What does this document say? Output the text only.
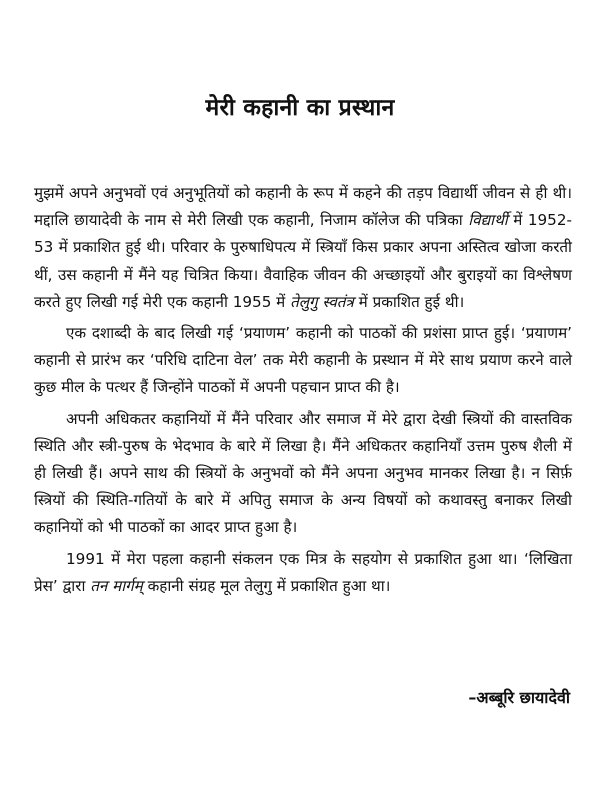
मेरी कहानी का प्रस्थान

मुझमें अपने अनुभवों एवं अनुभूतियों को कहानी के रूप में कहने की तड़प विद्यार्थी जीवन से ही थी। मद्दालि छायादेवी के नाम से मेरी लिखी एक कहानी, निजाम कॉलेज की पत्रिका विद्यार्थी में 1952-53 में प्रकाशित हुई थी। परिवार के पुरुषाधिपत्य में स्त्रियाँ किस प्रकार अपना अस्तित्व खोजा करती थीं, उस कहानी में मैंने यह चित्रित किया। वैवाहिक जीवन की अच्छाइयों और बुराइयों का विश्लेषण करते हुए लिखी गई मेरी एक कहानी 1955 में तेलुगु स्वतंत्र में प्रकाशित हुई थी।

एक दशाब्दी के बाद लिखी गई ‘प्रयाणम’ कहानी को पाठकों की प्रशंसा प्राप्त हुई। ‘प्रयाणम’ कहानी से प्रारंभ कर ‘परिधि दाटिना वेल’ तक मेरी कहानी के प्रस्थान में मेरे साथ प्रयाण करने वाले कुछ मील के पत्थर हैं जिन्होंने पाठकों में अपनी पहचान प्राप्त की है।

अपनी अधिकतर कहानियों में मैंने परिवार और समाज में मेरे द्वारा देखी स्त्रियों की वास्तविक स्थिति और स्त्री-पुरुष के भेदभाव के बारे में लिखा है। मैंने अधिकतर कहानियाँ उत्तम पुरुष शैली में ही लिखी हैं। अपने साथ की स्त्रियों के अनुभवों को मैंने अपना अनुभव मानकर लिखा है। न सिर्फ़ स्त्रियों की स्थिति-गतियों के बारे में अपितु समाज के अन्य विषयों को कथावस्तु बनाकर लिखी कहानियों को भी पाठकों का आदर प्राप्त हुआ है।

1991 में मेरा पहला कहानी संकलन एक मित्र के सहयोग से प्रकाशित हुआ था। ‘लिखिता प्रेस’ द्वारा तन मार्गम् कहानी संग्रह मूल तेलुगु में प्रकाशित हुआ था।

–अब्बूरि छायादेवी
